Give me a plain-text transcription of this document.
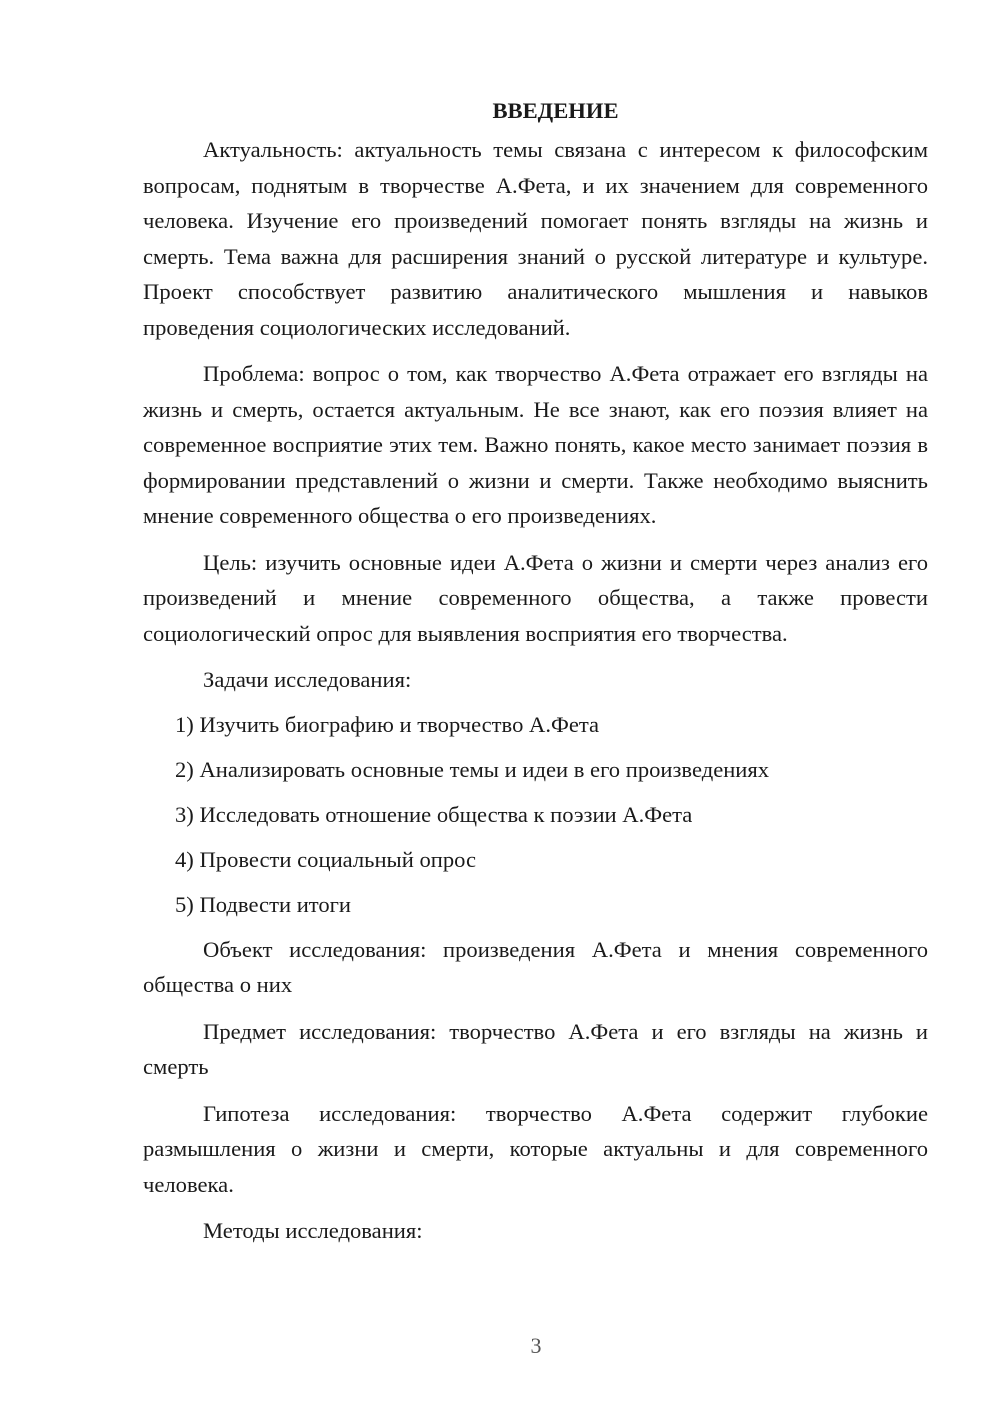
ВВЕДЕНИЕ

Актуальность: актуальность темы связана с интересом к философским вопросам, поднятым в творчестве А.Фета, и их значением для современного человека. Изучение его произведений помогает понять взгляды на жизнь и смерть. Тема важна для расширения знаний о русской литературе и культуре. Проект способствует развитию аналитического мышления и навыков проведения социологических исследований.

Проблема: вопрос о том, как творчество А.Фета отражает его взгляды на жизнь и смерть, остается актуальным. Не все знают, как его поэзия влияет на современное восприятие этих тем. Важно понять, какое место занимает поэзия в формировании представлений о жизни и смерти. Также необходимо выяснить мнение современного общества о его произведениях.

Цель: изучить основные идеи А.Фета о жизни и смерти через анализ его произведений и мнение современного общества, а также провести социологический опрос для выявления восприятия его творчества.

Задачи исследования:

1) Изучить биографию и творчество А.Фета
2) Анализировать основные темы и идеи в его произведениях
3) Исследовать отношение общества к поэзии А.Фета
4) Провести социальный опрос
5) Подвести итоги

Объект исследования: произведения А.Фета и мнения современного общества о них

Предмет исследования: творчество А.Фета и его взгляды на жизнь и смерть

Гипотеза исследования: творчество А.Фета содержит глубокие размышления о жизни и смерти, которые актуальны и для современного человека.

Методы исследования:

3
